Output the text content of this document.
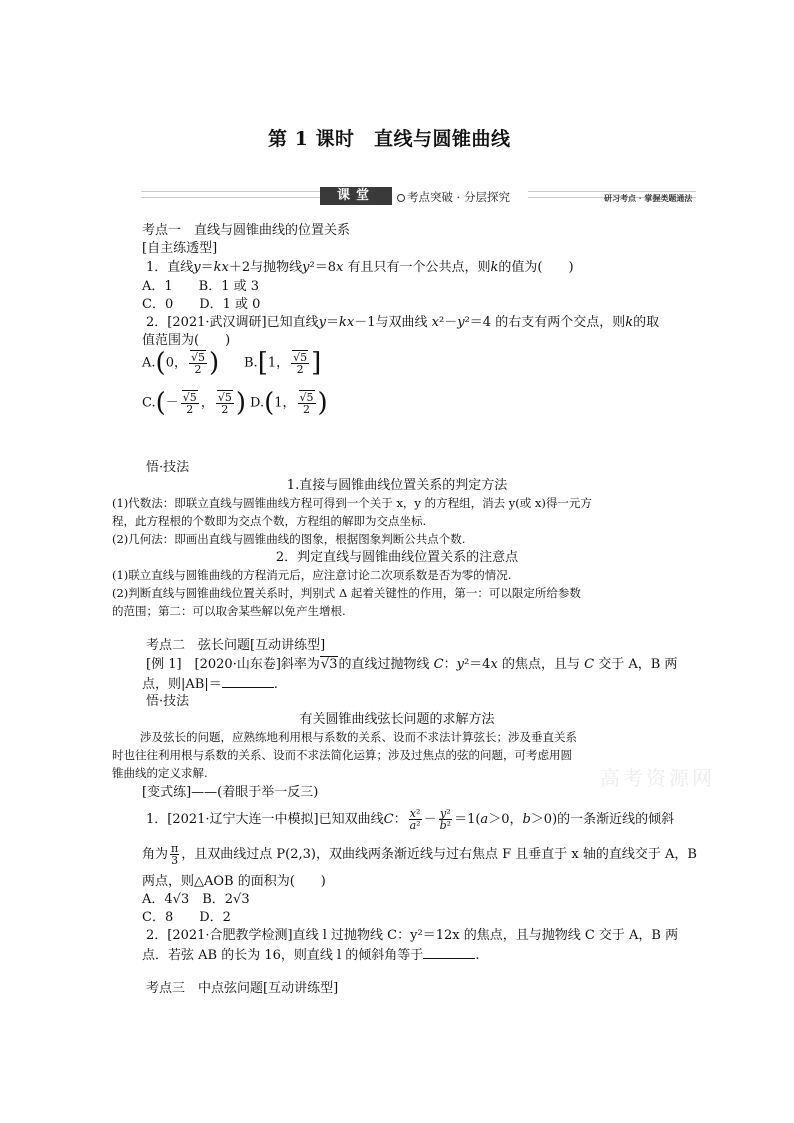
第 1 课时　直线与圆锥曲线
课堂	考点突破 · 分层探究	研习考点 · 掌握类题通法
考点一　直线与圆锥曲线的位置关系
[自主练透型]
1．直线y＝kx＋2与抛物线y²＝8x 有且只有一个公共点，则k的值为(　　)
A．1　　B．1 或 3
C．0　　D．1 或 0
2．[2021·武汉调研]已知直线y＝kx－1与双曲线 x²－y²＝4 的右支有两个交点，则k的取
值范围为(　　)
A.(0， $\frac{√5}{2}$ ) B.[1， $\frac{√5}{2}$ ]
$C.(- \frac{√5}{2}$ ， $\frac{√5}{2}$ ) D.(1， $\frac{√5}{2}$ )
悟·技法
1.直接与圆锥曲线位置关系的判定方法
(1)代数法：即联立直线与圆锥曲线方程可得到一个关于 x，y 的方程组，消去 y(或 x)得一元方
程，此方程根的个数即为交点个数，方程组的解即为交点坐标.
(2)几何法：即画出直线与圆锥曲线的图象，根据图象判断公共点个数.
2．判定直线与圆锥曲线位置关系的注意点
(1)联立直线与圆锥曲线的方程消元后，应注意讨论二次项系数是否为零的情况.
(2)判断直线与圆锥曲线位置关系时，判别式 Δ 起着关键性的作用，第一：可以限定所给参数
的范围；第二：可以取舍某些解以免产生增根.
考点二　弦长问题[互动讲练型]
[例 1]　[2020·山东卷]斜率为√3的直线过抛物线 C：y²＝4x 的焦点，且与 C 交于 A，B 两
点，则|AB|＝	.
悟·技法
有关圆锥曲线弦长问题的求解方法
涉及弦长的问题，应熟练地利用根与系数的关系、设而不求法计算弦长；涉及垂直关系
时也往往利用根与系数的关系、设而不求法简化运算；涉及过焦点的弦的问题，可考虑用圆
锥曲线的定义求解.	高考资源网
[变式练]——(着眼于举一反三)
1．[2021·辽宁大连一中模拟]已知双曲线C： $\frac{\text{x²}}{\text{a²}} - \frac{\text{y²}}{\text{b²}} =1(a>0$，b＞0)的一条渐近线的倾斜
角为 $\frac{\pi}{3}$ ，且双曲线过点 P(2,3)，双曲线两条渐近线与过右焦点 F 且垂直于 x 轴的直线交于 A，B
两点，则△AOB 的面积为(　　)
A．4√3　B．2√3
C．8　　D．2
2．[2021·合肥教学检测]直线 l 过抛物线 C：y²＝12x 的焦点，且与抛物线 C 交于 A，B 两
点．若弦 AB 的长为 16，则直线 l 的倾斜角等于	.
考点三　中点弦问题[互动讲练型]
